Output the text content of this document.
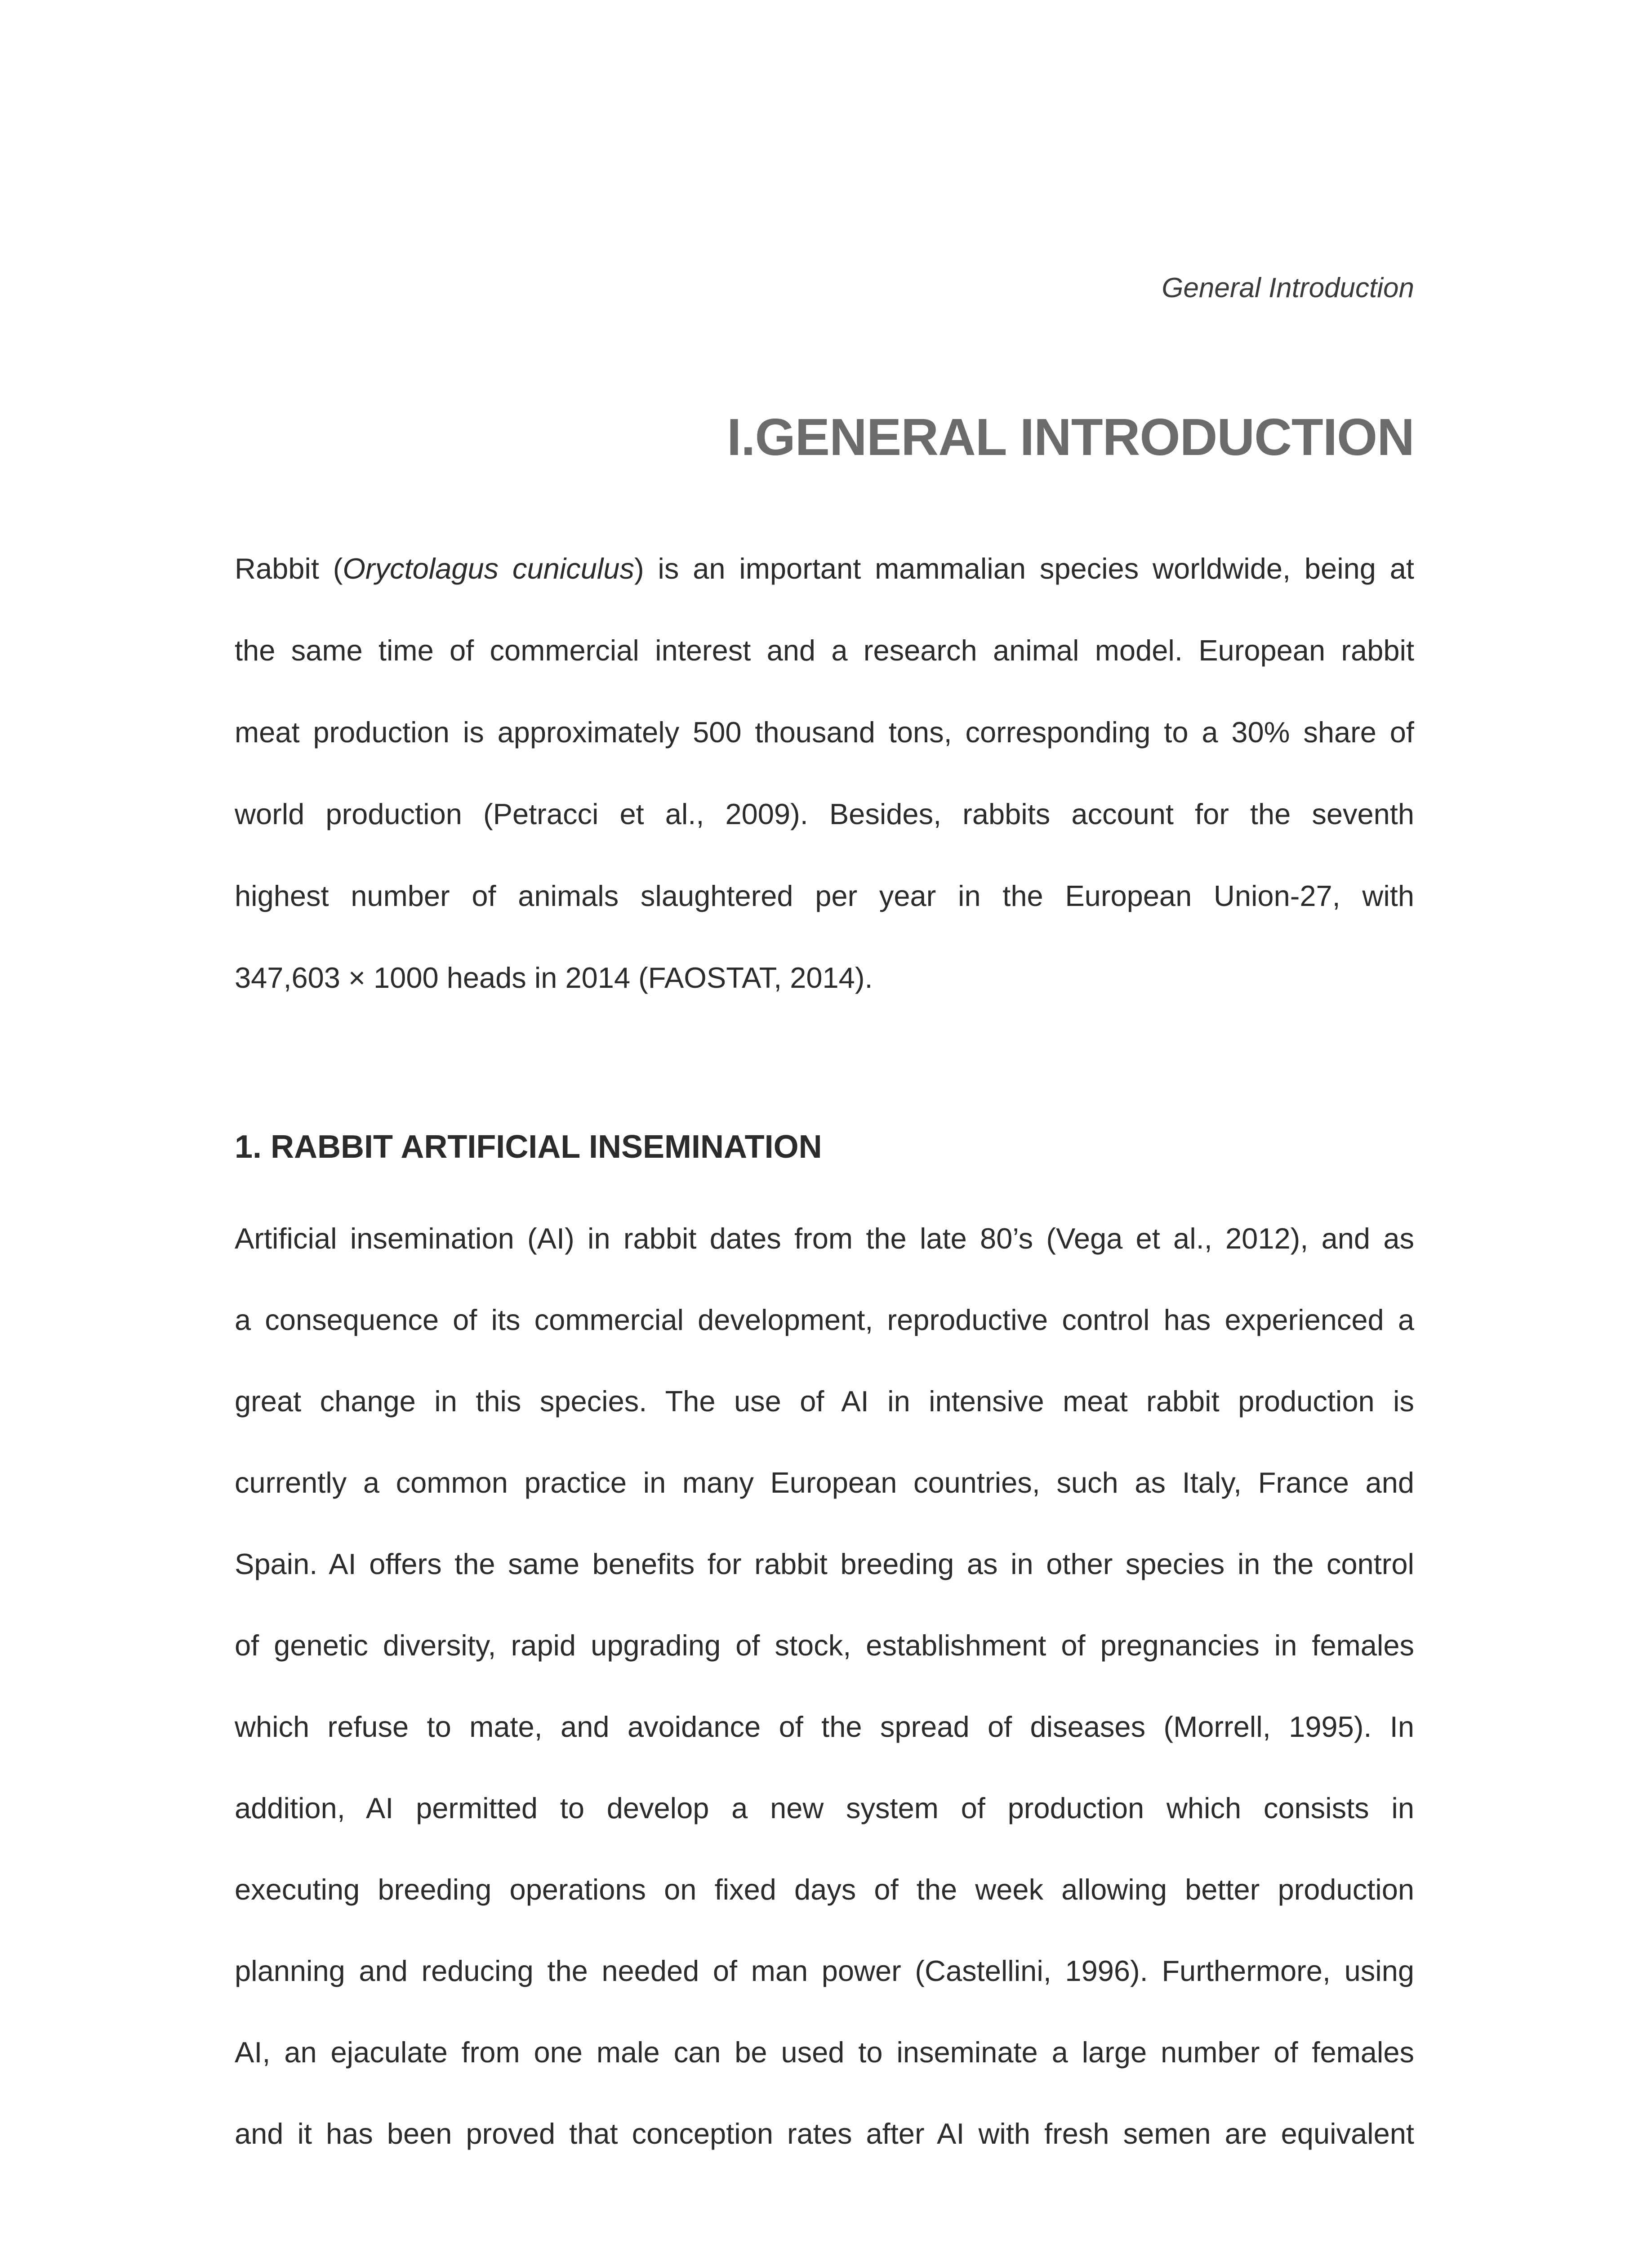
General Introduction
I.GENERAL INTRODUCTION
Rabbit (Oryctolagus cuniculus) is an important mammalian species worldwide, being at
the same time of commercial interest and a research animal model. European rabbit
meat production is approximately 500 thousand tons, corresponding to a 30% share of
world production (Petracci et al., 2009). Besides, rabbits account for the seventh
highest number of animals slaughtered per year in the European Union-27, with
347,603 × 1000 heads in 2014 (FAOSTAT, 2014).
1. RABBIT ARTIFICIAL INSEMINATION
Artificial insemination (AI) in rabbit dates from the late 80’s (Vega et al., 2012), and as
a consequence of its commercial development, reproductive control has experienced a
great change in this species. The use of AI in intensive meat rabbit production is
currently a common practice in many European countries, such as Italy, France and
Spain. AI offers the same benefits for rabbit breeding as in other species in the control
of genetic diversity, rapid upgrading of stock, establishment of pregnancies in females
which refuse to mate, and avoidance of the spread of diseases (Morrell, 1995). In
addition, AI permitted to develop a new system of production which consists in
executing breeding operations on fixed days of the week allowing better production
planning and reducing the needed of man power (Castellini, 1996). Furthermore, using
AI, an ejaculate from one male can be used to inseminate a large number of females
and it has been proved that conception rates after AI with fresh semen are equivalent
